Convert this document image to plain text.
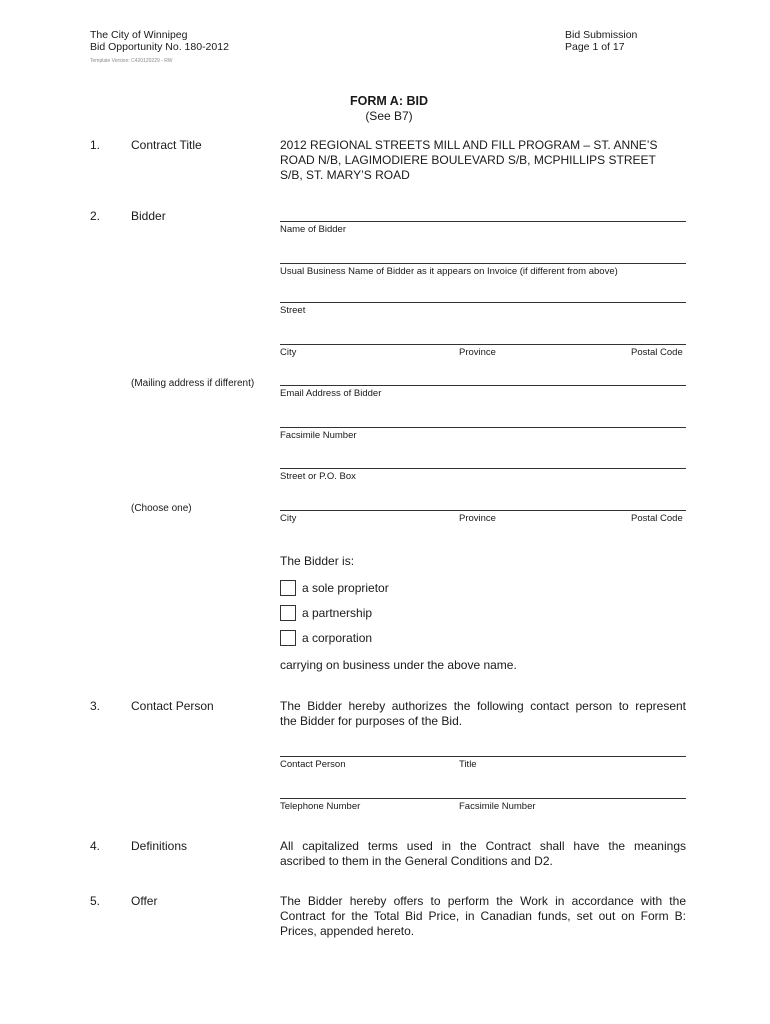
The City of Winnipeg
Bid Opportunity No. 180-2012
Template Version: C420120229 - RW
Bid Submission
Page 1 of 17
FORM A: BID
(See B7)
1.	Contract Title	2012 REGIONAL STREETS MILL AND FILL PROGRAM – ST. ANNE’S
ROAD N/B, LAGIMODIERE BOULEVARD S/B, MCPHILLIPS STREET
S/B, ST. MARY’S ROAD
2.	Bidder
Name of Bidder
Usual Business Name of Bidder as it appears on Invoice (if different from above)
Street
City	Province	Postal Code
(Mailing address if different)
Email Address of Bidder
Facsimile Number
Street or P.O. Box
(Choose one)
City	Province	Postal Code
The Bidder is:
a sole proprietor
a partnership
a corporation
carrying on business under the above name.
3.	Contact Person	The Bidder hereby authorizes the following contact person to represent
the Bidder for purposes of the Bid.
Contact Person	Title
Telephone Number	Facsimile Number
4.	Definitions	All capitalized terms used in the Contract shall have the meanings
ascribed to them in the General Conditions and D2.
5.	Offer	The Bidder hereby offers to perform the Work in accordance with the
Contract for the Total Bid Price, in Canadian funds, set out on Form B:
Prices, appended hereto.
